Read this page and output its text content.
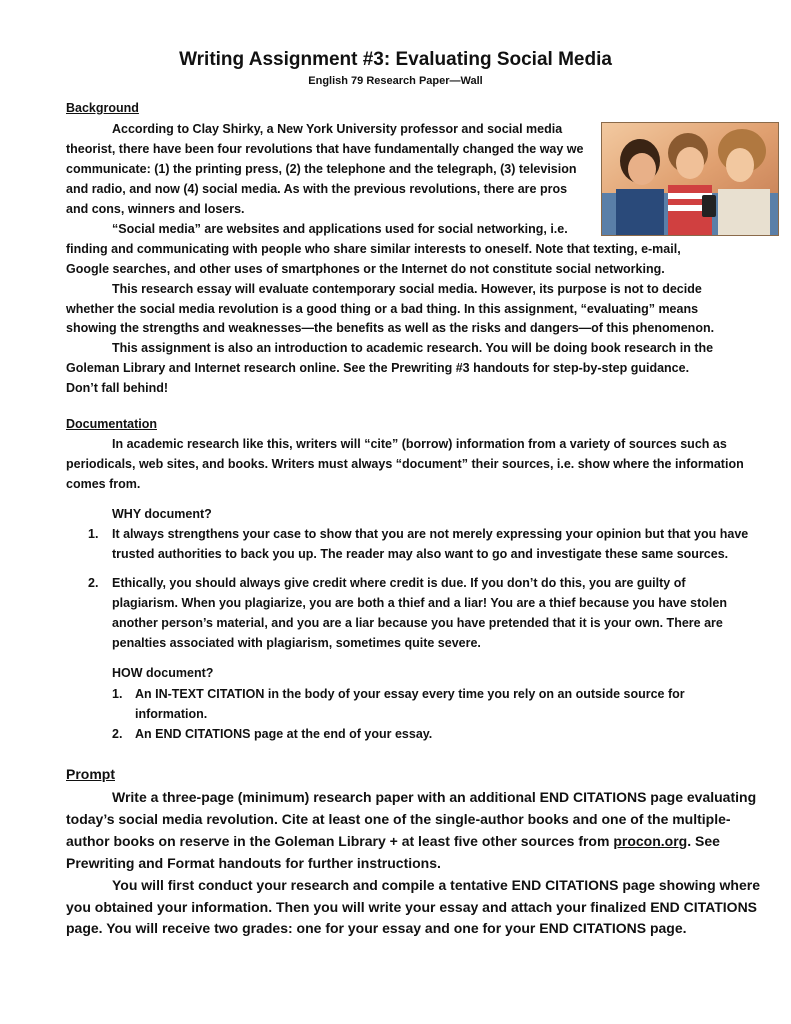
Writing Assignment #3: Evaluating Social Media
English 79 Research Paper—Wall
Background
According to Clay Shirky, a New York University professor and social media
theorist, there have been four revolutions that have fundamentally changed the way we
communicate: (1) the printing press, (2) the telephone and the telegraph, (3) television
and radio, and now (4) social media. As with the previous revolutions, there are pros
and cons, winners and losers.
“Social media” are websites and applications used for social networking, i.e.
finding and communicating with people who share similar interests to oneself. Note that texting, e-mail,
Google searches, and other uses of smartphones or the Internet do not constitute social networking.
This research essay will evaluate contemporary social media. However, its purpose is not to decide
whether the social media revolution is a good thing or a bad thing. In this assignment, “evaluating” means
showing the strengths and weaknesses—the benefits as well as the risks and dangers—of this phenomenon.
This assignment is also an introduction to academic research. You will be doing book research in the
Goleman Library and Internet research online. See the Prewriting #3 handouts for step-by-step guidance.
Don’t fall behind!
Documentation
In academic research like this, writers will “cite” (borrow) information from a variety of sources such as
periodicals, web sites, and books. Writers must always “document” their sources, i.e. show where the information
comes from.
WHY document?
1. It always strengthens your case to show that you are not merely expressing your opinion but that you have
trusted authorities to back you up. The reader may also want to go and investigate these same sources.
2. Ethically, you should always give credit where credit is due. If you don’t do this, you are guilty of
plagiarism. When you plagiarize, you are both a thief and a liar! You are a thief because you have stolen
another person’s material, and you are a liar because you have pretended that it is your own. There are
penalties associated with plagiarism, sometimes quite severe.
HOW document?
1. An IN-TEXT CITATION in the body of your essay every time you rely on an outside source for
information.
2. An END CITATIONS page at the end of your essay.
Prompt
Write a three-page (minimum) research paper with an additional END CITATIONS page evaluating
today’s social media revolution. Cite at least one of the single-author books and one of the multiple-
author books on reserve in the Goleman Library + at least five other sources from procon.org. See
Prewriting and Format handouts for further instructions.
You will first conduct your research and compile a tentative END CITATIONS page showing where
you obtained your information. Then you will write your essay and attach your finalized END CITATIONS
page. You will receive two grades: one for your essay and one for your END CITATIONS page.
